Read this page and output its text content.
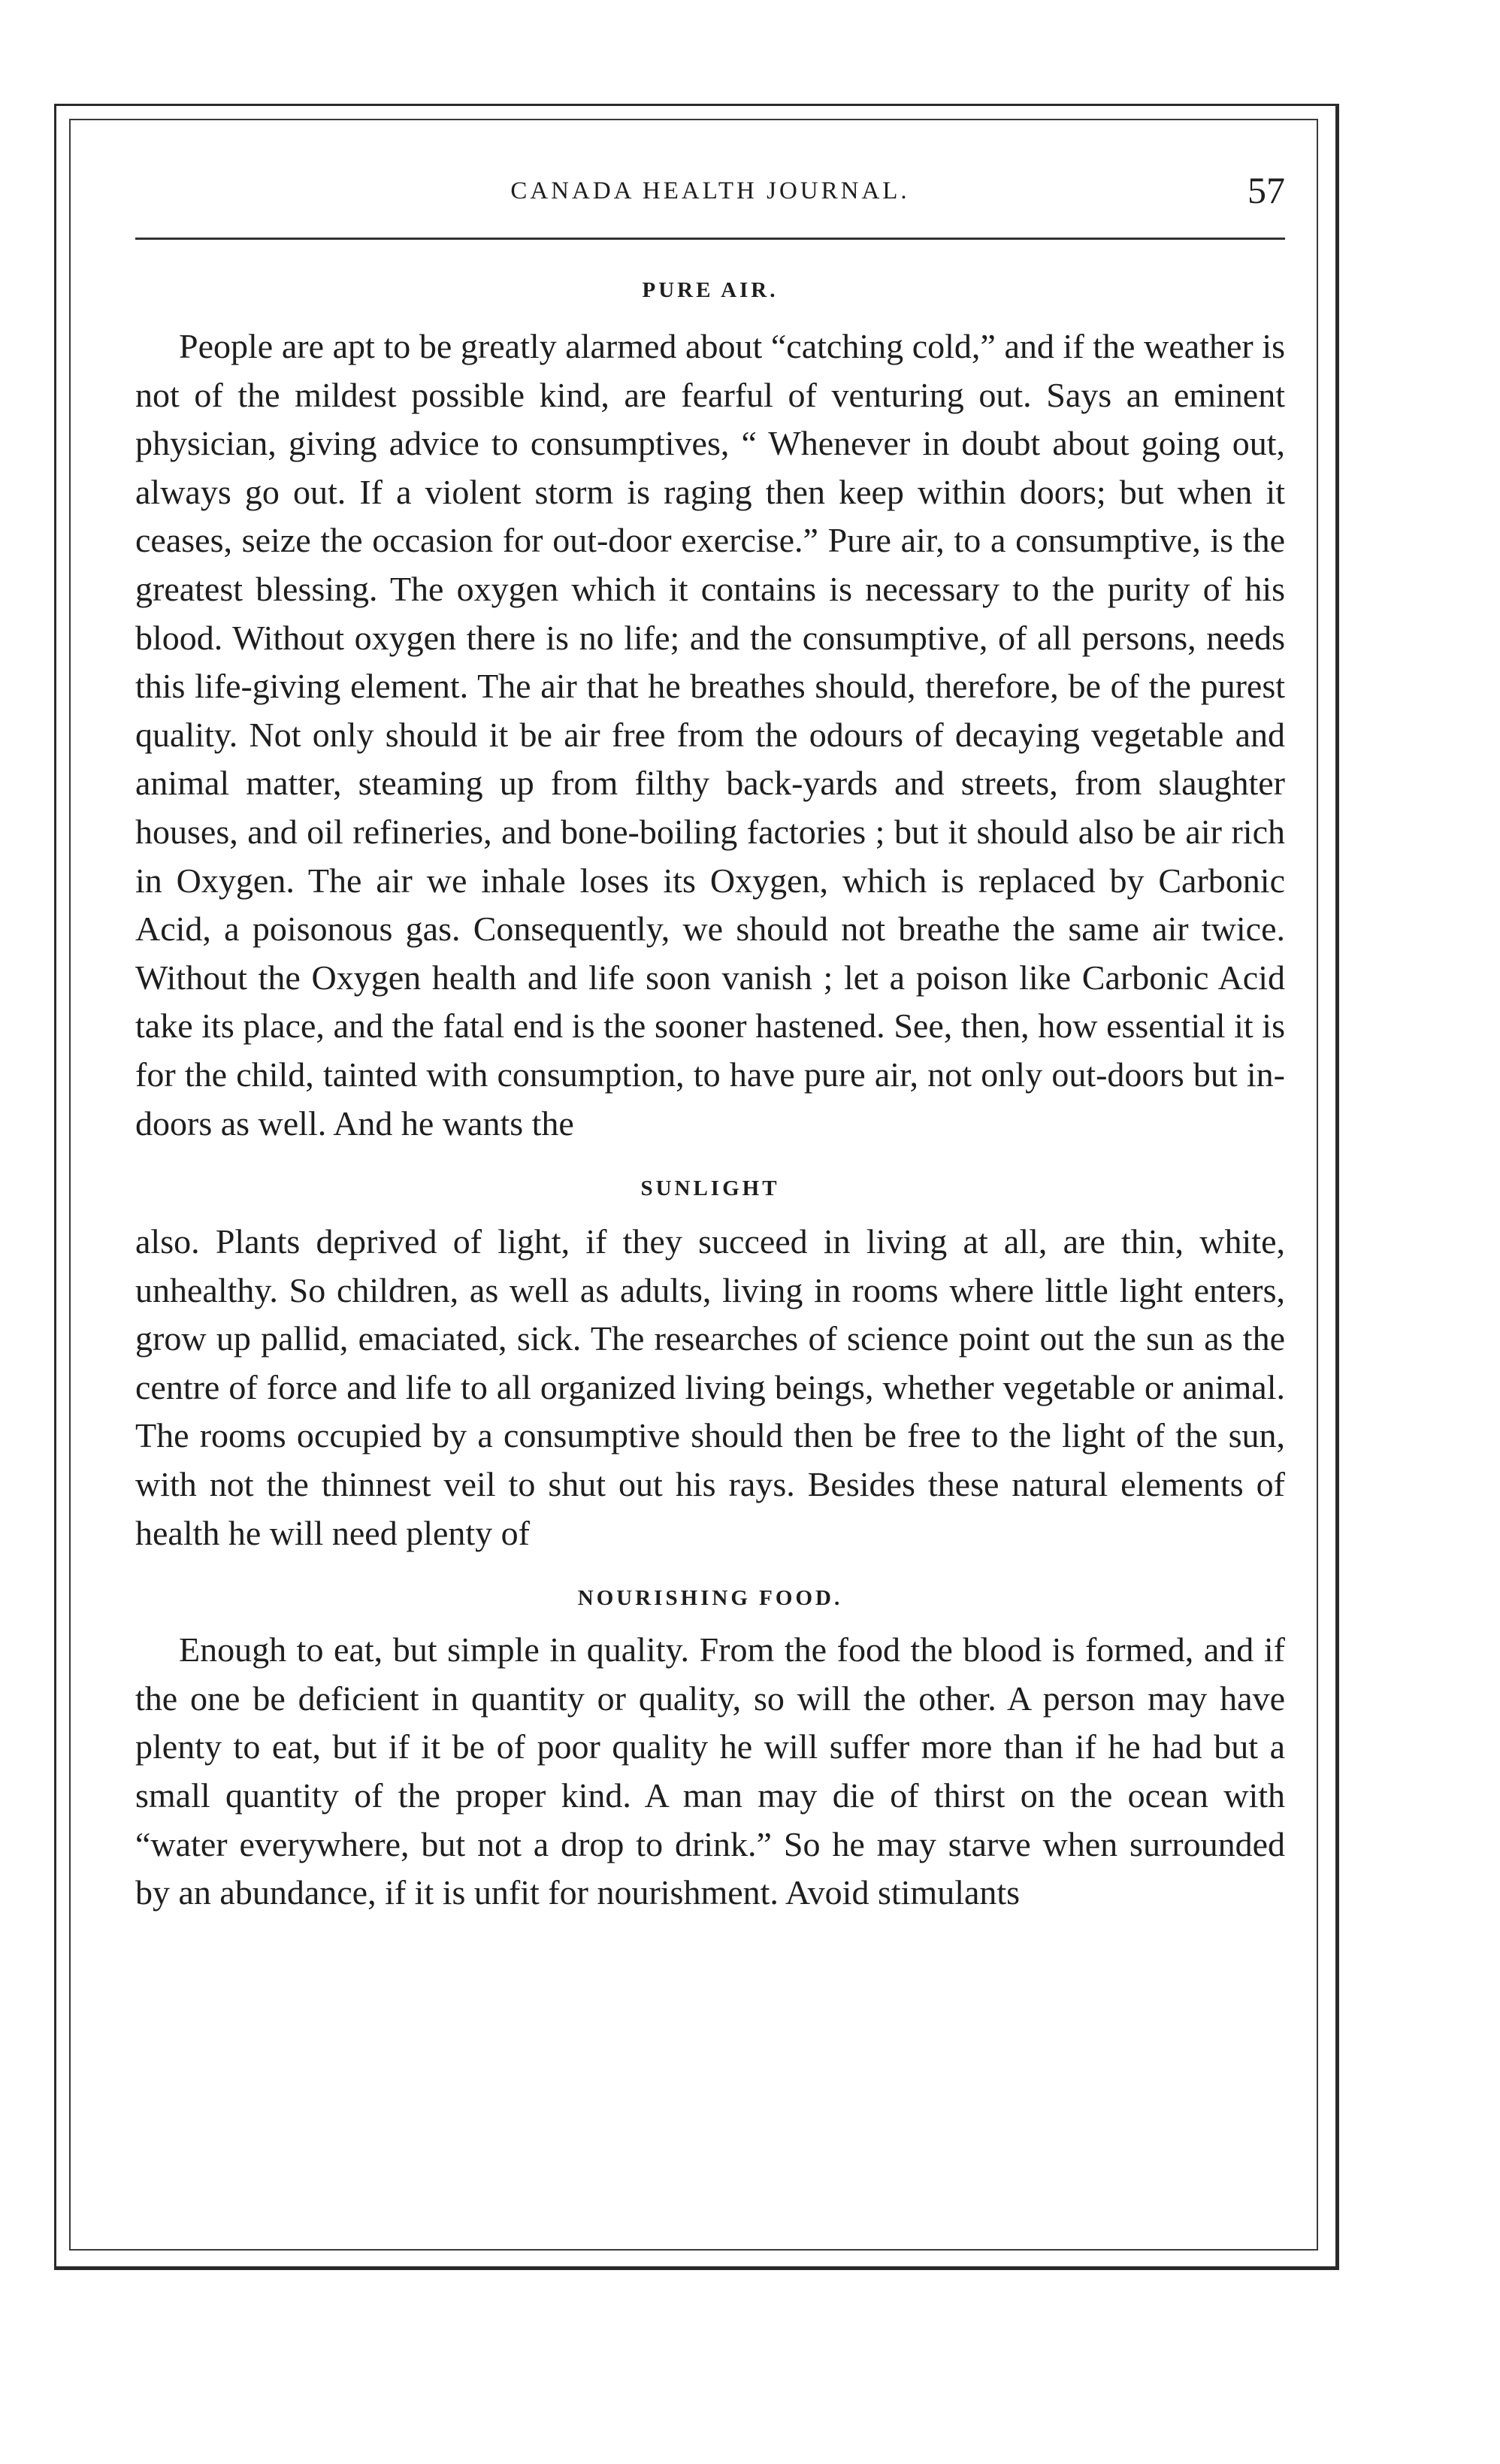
CANADA HEALTH JOURNAL.	57
PURE AIR.

People are apt to be greatly alarmed about “catching cold,” and if the weather is not of the mildest possible kind, are fearful of venturing out. Says an eminent physician, giving advice to consumptives, “ Whenever in doubt about going out, always go out. If a violent storm is raging then keep within doors; but when it ceases, seize the occasion for out-door exercise.” Pure air, to a consumptive, is the greatest blessing. The oxygen which it contains is necessary to the purity of his blood. Without oxygen there is no life; and the consumptive, of all persons, needs this life-giving element. The air that he breathes should, therefore, be of the purest quality. Not only should it be air free from the odours of decaying vegetable and animal matter, steaming up from filthy back-yards and streets, from slaughter houses, and oil refineries, and bone-boiling factories ; but it should also be air rich in Oxygen. The air we inhale loses its Oxygen, which is replaced by Carbonic Acid, a poisonous gas. Consequently, we should not breathe the same air twice. Without the Oxygen health and life soon vanish ; let a poison like Carbonic Acid take its place, and the fatal end is the sooner hastened. See, then, how essential it is for the child, tainted with consumption, to have pure air, not only out-doors but in-doors as well. And he wants the

SUNLIGHT

also. Plants deprived of light, if they succeed in living at all, are thin, white, unhealthy. So children, as well as adults, living in rooms where little light enters, grow up pallid, emaciated, sick. The researches of science point out the sun as the centre of force and life to all organized living beings, whether vegetable or animal. The rooms occupied by a consumptive should then be free to the light of the sun, with not the thinnest veil to shut out his rays. Besides these natural elements of health he will need plenty of

NOURISHING FOOD.

Enough to eat, but simple in quality. From the food the blood is formed, and if the one be deficient in quantity or quality, so will the other. A person may have plenty to eat, but if it be of poor quality he will suffer more than if he had but a small quantity of the proper kind. A man may die of thirst on the ocean with “water everywhere, but not a drop to drink.” So he may starve when surrounded by an abundance, if it is unfit for nourishment. Avoid stimulants
